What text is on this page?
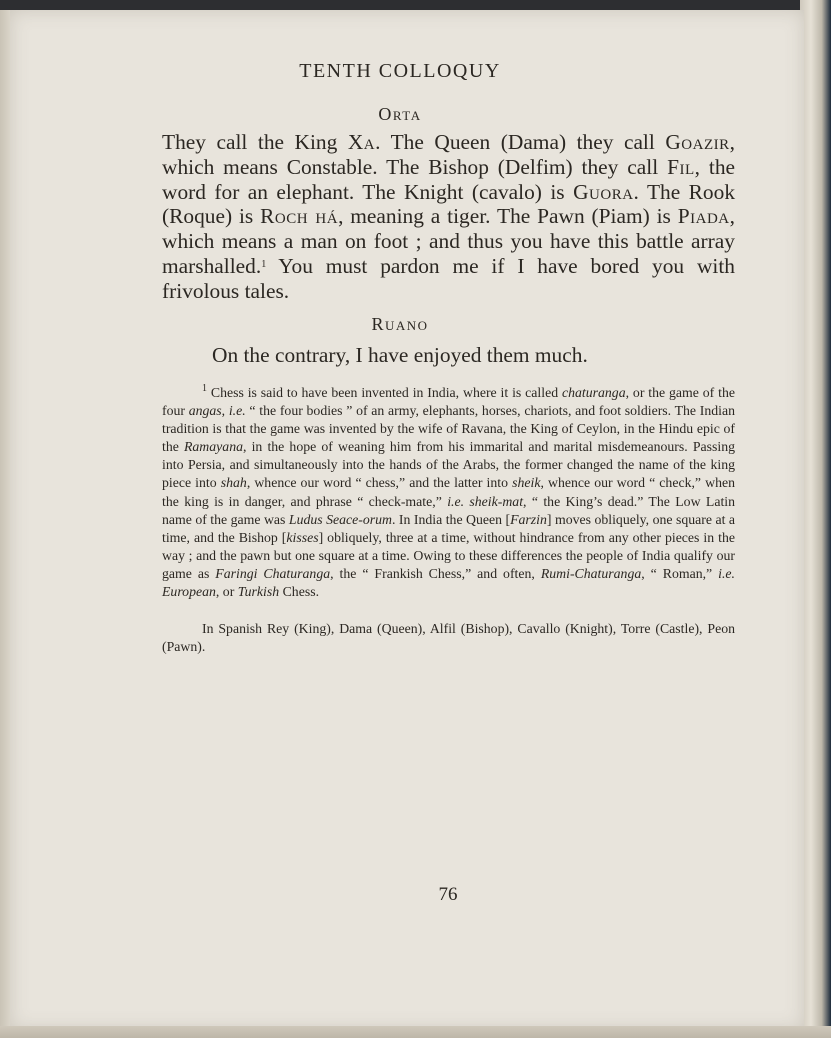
TENTH COLLOQUY
Orta
They call the King Xa. The Queen (Dama) they call Goazir, which means Constable. The Bishop (Delfim) they call Fil, the word for an elephant. The Knight (cavalo) is Guora. The Rook (Roque) is Roch há, meaning a tiger. The Pawn (Piam) is Piada, which means a man on foot ; and thus you have this battle array marshalled.$^1$ You must pardon me if I have bored you with frivolous tales.
Ruano
On the contrary, I have enjoyed them much.
$^1$ Chess is said to have been invented in India, where it is called chaturanga, or the game of the four angas, i.e. “ the four bodies ” of an army, elephants, horses, chariots, and foot soldiers. The Indian tradition is that the game was invented by the wife of Ravana, the King of Ceylon, in the Hindu epic of the Ramayana, in the hope of weaning him from his immarital and marital misdemeanours. Passing into Persia, and simultaneously into the hands of the Arabs, the former changed the name of the king piece into shah, whence our word “ chess,” and the latter into sheik, whence our word “ check,” when the king is in danger, and phrase “ check-mate,” i.e. sheik-mat, “ the King’s dead.” The Low Latin name of the game was Ludus Seace-orum. In India the Queen [Farzin] moves obliquely, one square at a time, and the Bishop [kisses] obliquely, three at a time, without hindrance from any other pieces in the way ; and the pawn but one square at a time. Owing to these differences the people of India qualify our game as Faringi Chaturanga, the “ Frankish Chess,” and often, Rumi-Chaturanga, “ Roman,” i.e. European, or Turkish Chess.
In Spanish Rey (King), Dama (Queen), Alfil (Bishop), Cavallo (Knight), Torre (Castle), Peon (Pawn).
76
